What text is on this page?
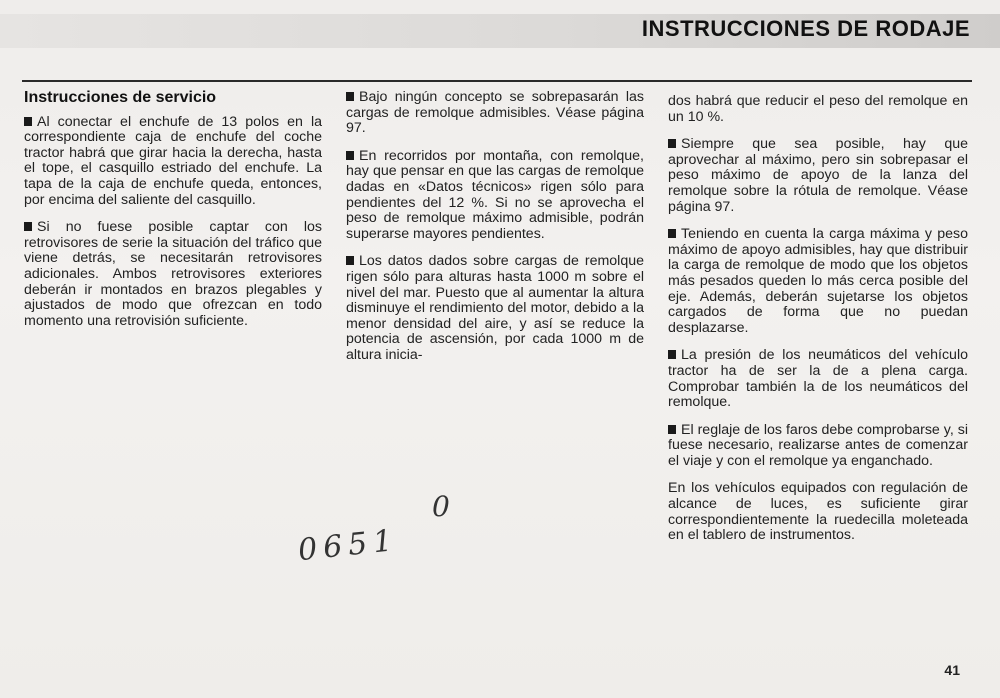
INSTRUCCIONES DE RODAJE
Instrucciones de servicio

Al conectar el enchufe de 13 polos en la correspondiente caja de enchufe del coche tractor habrá que girar hacia la derecha, hasta el tope, el casquillo estriado del enchufe. La tapa de la caja de enchufe queda, entonces, por encima del saliente del casquillo.

Si no fuese posible captar con los retrovisores de serie la situación del tráfico que viene detrás, se necesitarán retrovisores adicionales. Ambos retrovisores exteriores deberán ir montados en brazos plegables y ajustados de modo que ofrezcan en todo momento una retrovisión suficiente.

Bajo ningún concepto se sobrepasarán las cargas de remolque admisibles. Véase página 97.

En recorridos por montaña, con remolque, hay que pensar en que las cargas de remolque dadas en «Datos técnicos» rigen sólo para pendientes del 12 %. Si no se aprovecha el peso de remolque máximo admisible, podrán superarse mayores pendientes.

Los datos dados sobre cargas de remolque rigen sólo para alturas hasta 1000 m sobre el nivel del mar. Puesto que al aumentar la altura disminuye el rendimiento del motor, debido a la menor densidad del aire, y así se reduce la potencia de ascensión, por cada 1000 m de altura inicia-

dos habrá que reducir el peso del remolque en un 10 %.

Siempre que sea posible, hay que aprovechar al máximo, pero sin sobrepasar el peso máximo de apoyo de la lanza del remolque sobre la rótula de remolque. Véase página 97.

Teniendo en cuenta la carga máxima y peso máximo de apoyo admisibles, hay que distribuir la carga de remolque de modo que los objetos más pesados queden lo más cerca posible del eje. Además, deberán sujetarse los objetos cargados de forma que no puedan desplazarse.

La presión de los neumáticos del vehículo tractor ha de ser la de a plena carga. Comprobar también la de los neumáticos del remolque.

El reglaje de los faros debe comprobarse y, si fuese necesario, realizarse antes de comenzar el viaje y con el remolque ya enganchado.

En los vehículos equipados con regulación de alcance de luces, es suficiente girar correspondientemente la ruedecilla moleteada en el tablero de instrumentos.

0
0651
41
